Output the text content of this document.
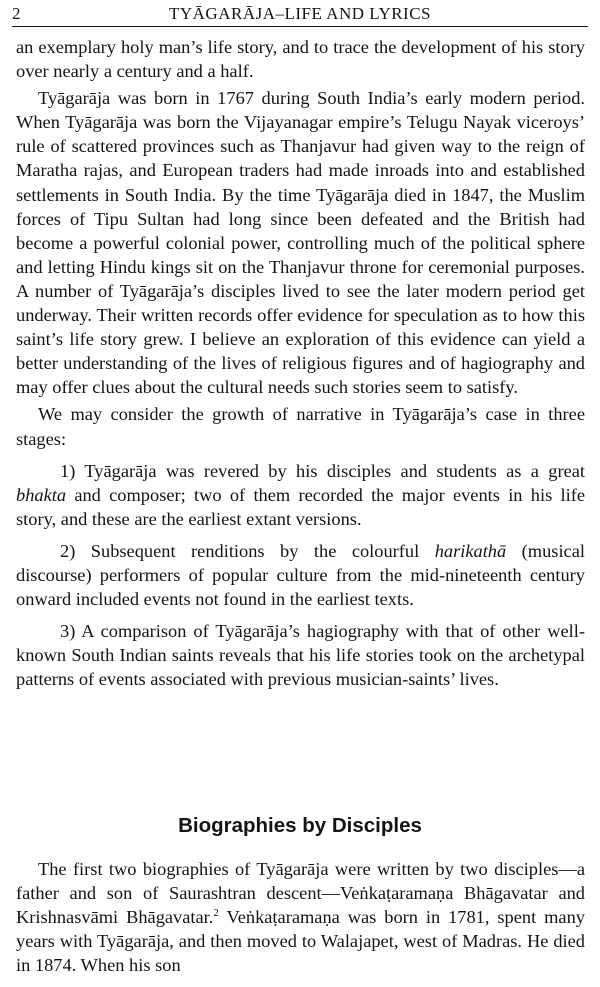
2	TYĀGARĀJA–LIFE AND LYRICS

an exemplary holy man’s life story, and to trace the development of his story over nearly a century and a half.

Tyāgarāja was born in 1767 during South India’s early modern period. When Tyāgarāja was born the Vijayanagar empire’s Telugu Nayak viceroys’ rule of scattered provinces such as Thanjavur had given way to the reign of Maratha rajas, and European traders had made inroads into and established settlements in South India. By the time Tyāgarāja died in 1847, the Muslim forces of Tipu Sultan had long since been defeated and the British had become a powerful colonial power, controlling much of the political sphere and letting Hindu kings sit on the Thanjavur throne for ceremonial purposes. A number of Tyāgarāja’s disciples lived to see the later modern period get underway. Their written records offer evidence for speculation as to how this saint’s life story grew. I believe an exploration of this evidence can yield a better understanding of the lives of religious figures and of hagiography and may offer clues about the cultural needs such stories seem to satisfy.

We may consider the growth of narrative in Tyāgarāja’s case in three stages:

1) Tyāgarāja was revered by his disciples and students as a great bhakta and composer; two of them recorded the major events in his life story, and these are the earliest extant versions.

2) Subsequent renditions by the colourful harikathā (musical discourse) performers of popular culture from the mid-nineteenth century onward included events not found in the earliest texts.

3) A comparison of Tyāgarāja’s hagiography with that of other well-known South Indian saints reveals that his life stories took on the archetypal patterns of events associated with previous musician-saints’ lives.

Biographies by Disciples

The first two biographies of Tyāgarāja were written by two disciples—a father and son of Saurashtran descent—Veṅkaṭaramaṇa Bhāgavatar and Krishnasvāmi Bhāgavatar.$^2$ Veṅkaṭaramaṇa was born in 1781, spent many years with Tyāgarāja, and then moved to Walajapet, west of Madras. He died in 1874. When his son
